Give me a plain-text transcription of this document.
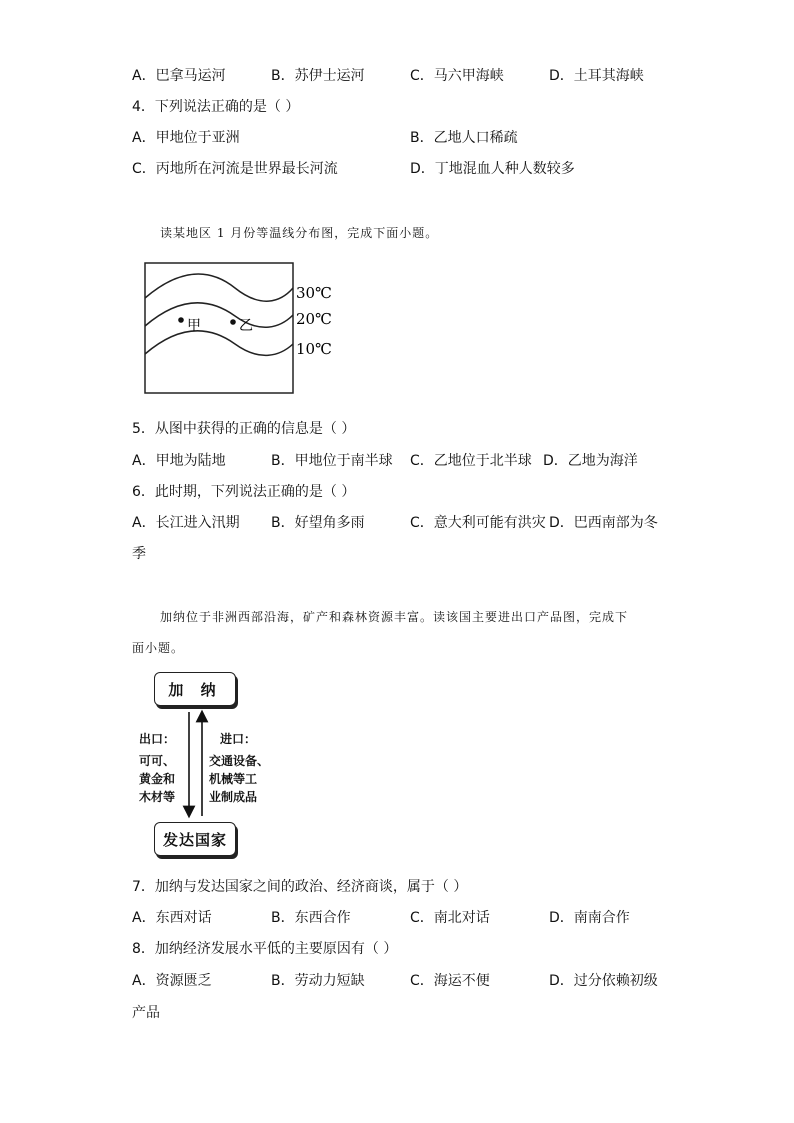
A．巴拿马运河	B．苏伊士运河	C．马六甲海峡	D．土耳其海峡
4．下列说法正确的是（ ）
A．甲地位于亚洲	B．乙地人口稀疏
C．丙地所在河流是世界最长河流	D．丁地混血人种人数较多
读某地区 1 月份等温线分布图，完成下面小题。
甲	乙
30℃
20℃
10℃
5．从图中获得的正确的信息是（ ）
A．甲地为陆地	B．甲地位于南半球 C．乙地位于北半球 D．乙地为海洋
6．此时期，下列说法正确的是（ ）
A．长江进入汛期 B．好望角多雨	C．意大利可能有洪灾 D．巴西南部为冬
季
加纳位于非洲西部沿海，矿产和森林资源丰富。读该国主要进出口产品图，完成下
面小题。
加 纳
发达国家
出口：
可可、
黄金和
木材等
进口：
交通设备、
机械等工
业制成品
7．加纳与发达国家之间的政治、经济商谈，属于（ ）
A．东西对话	B．东西合作	C．南北对话	D．南南合作
8．加纳经济发展水平低的主要原因有（ ）
A．资源匮乏	B．劳动力短缺	C．海运不便	D．过分依赖初级
产品
